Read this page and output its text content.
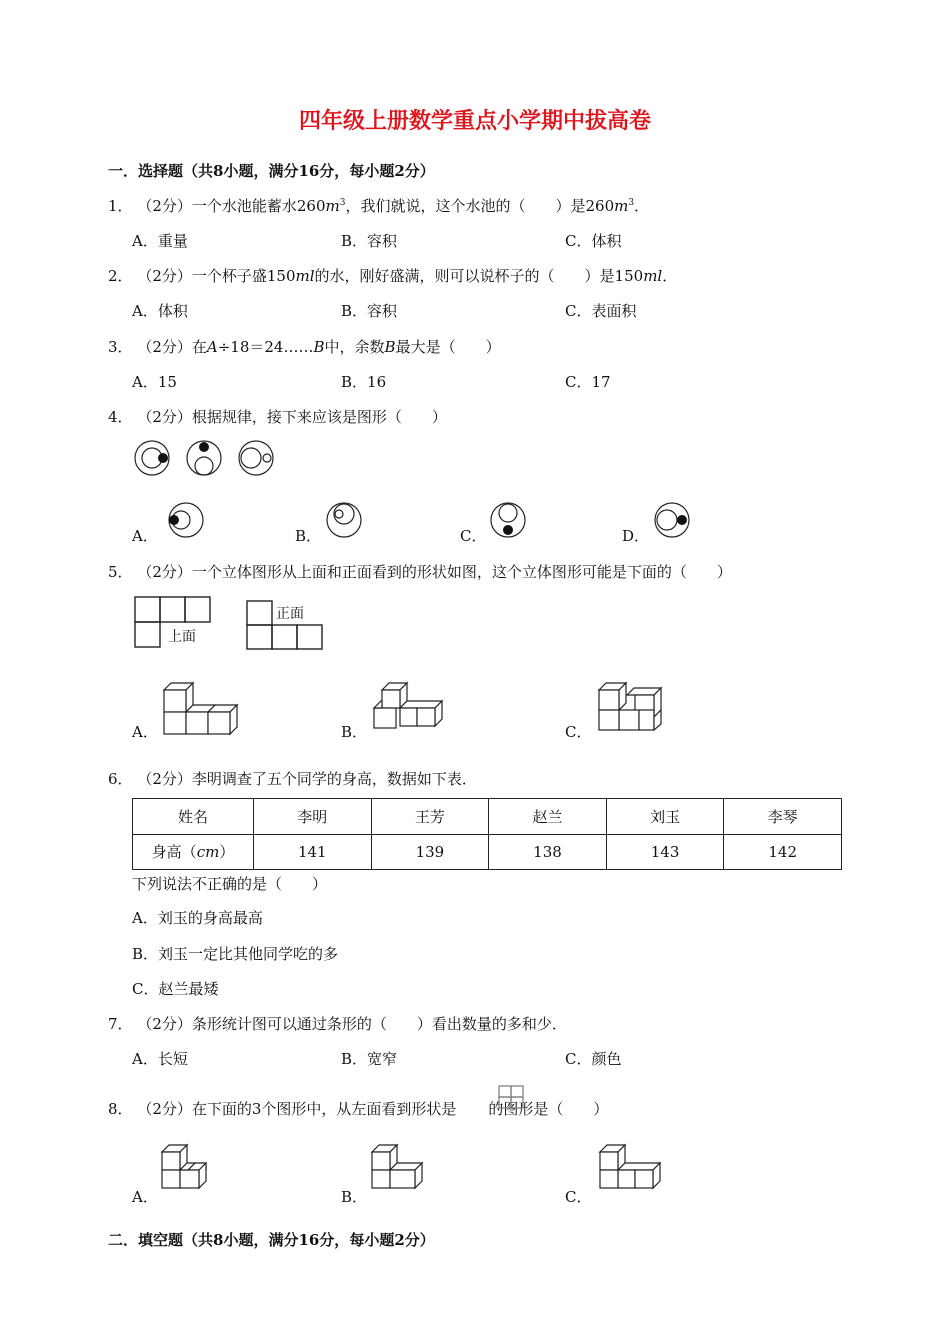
四年级上册数学重点小学期中拔高卷
一．选择题（共8小题，满分16分，每小题2分）
1． （2分）一个水池能蓄水$260m^3$，我们就说，这个水池的（　　）是$260m^3$．
A．重量	B．容积	C．体积
2． （2分）一个杯子盛150ml的水，刚好盛满，则可以说杯子的（　　）是150ml．
A．体积	B．容积	C．表面积
3． （2分）在A÷18＝24……B中，余数B最大是（　　）
A．15	B．16	C．17
4． （2分）根据规律，接下来应该是图形（　　）
A．	B．	C．	D．
5． （2分）一个立体图形从上面和正面看到的形状如图，这个立体图形可能是下面的（　　）
上面
正面
A．	B．	C．
6． （2分）李明调查了五个同学的身高，数据如下表．
姓名	李明	王芳	赵兰	刘玉	李琴
身高（cm）	141	139	138	143	142
下列说法不正确的是（　　）
A．刘玉的身高最高
B．刘玉一定比其他同学吃的多
C．赵兰最矮
7． （2分）条形统计图可以通过条形的（　　）看出数量的多和少．
A．长短	B．宽窄	C．颜色
8． （2分）在下面的3个图形中，从左面看到形状是 的图形是（　　）
A．	B．	C．
二．填空题（共8小题，满分16分，每小题2分）
